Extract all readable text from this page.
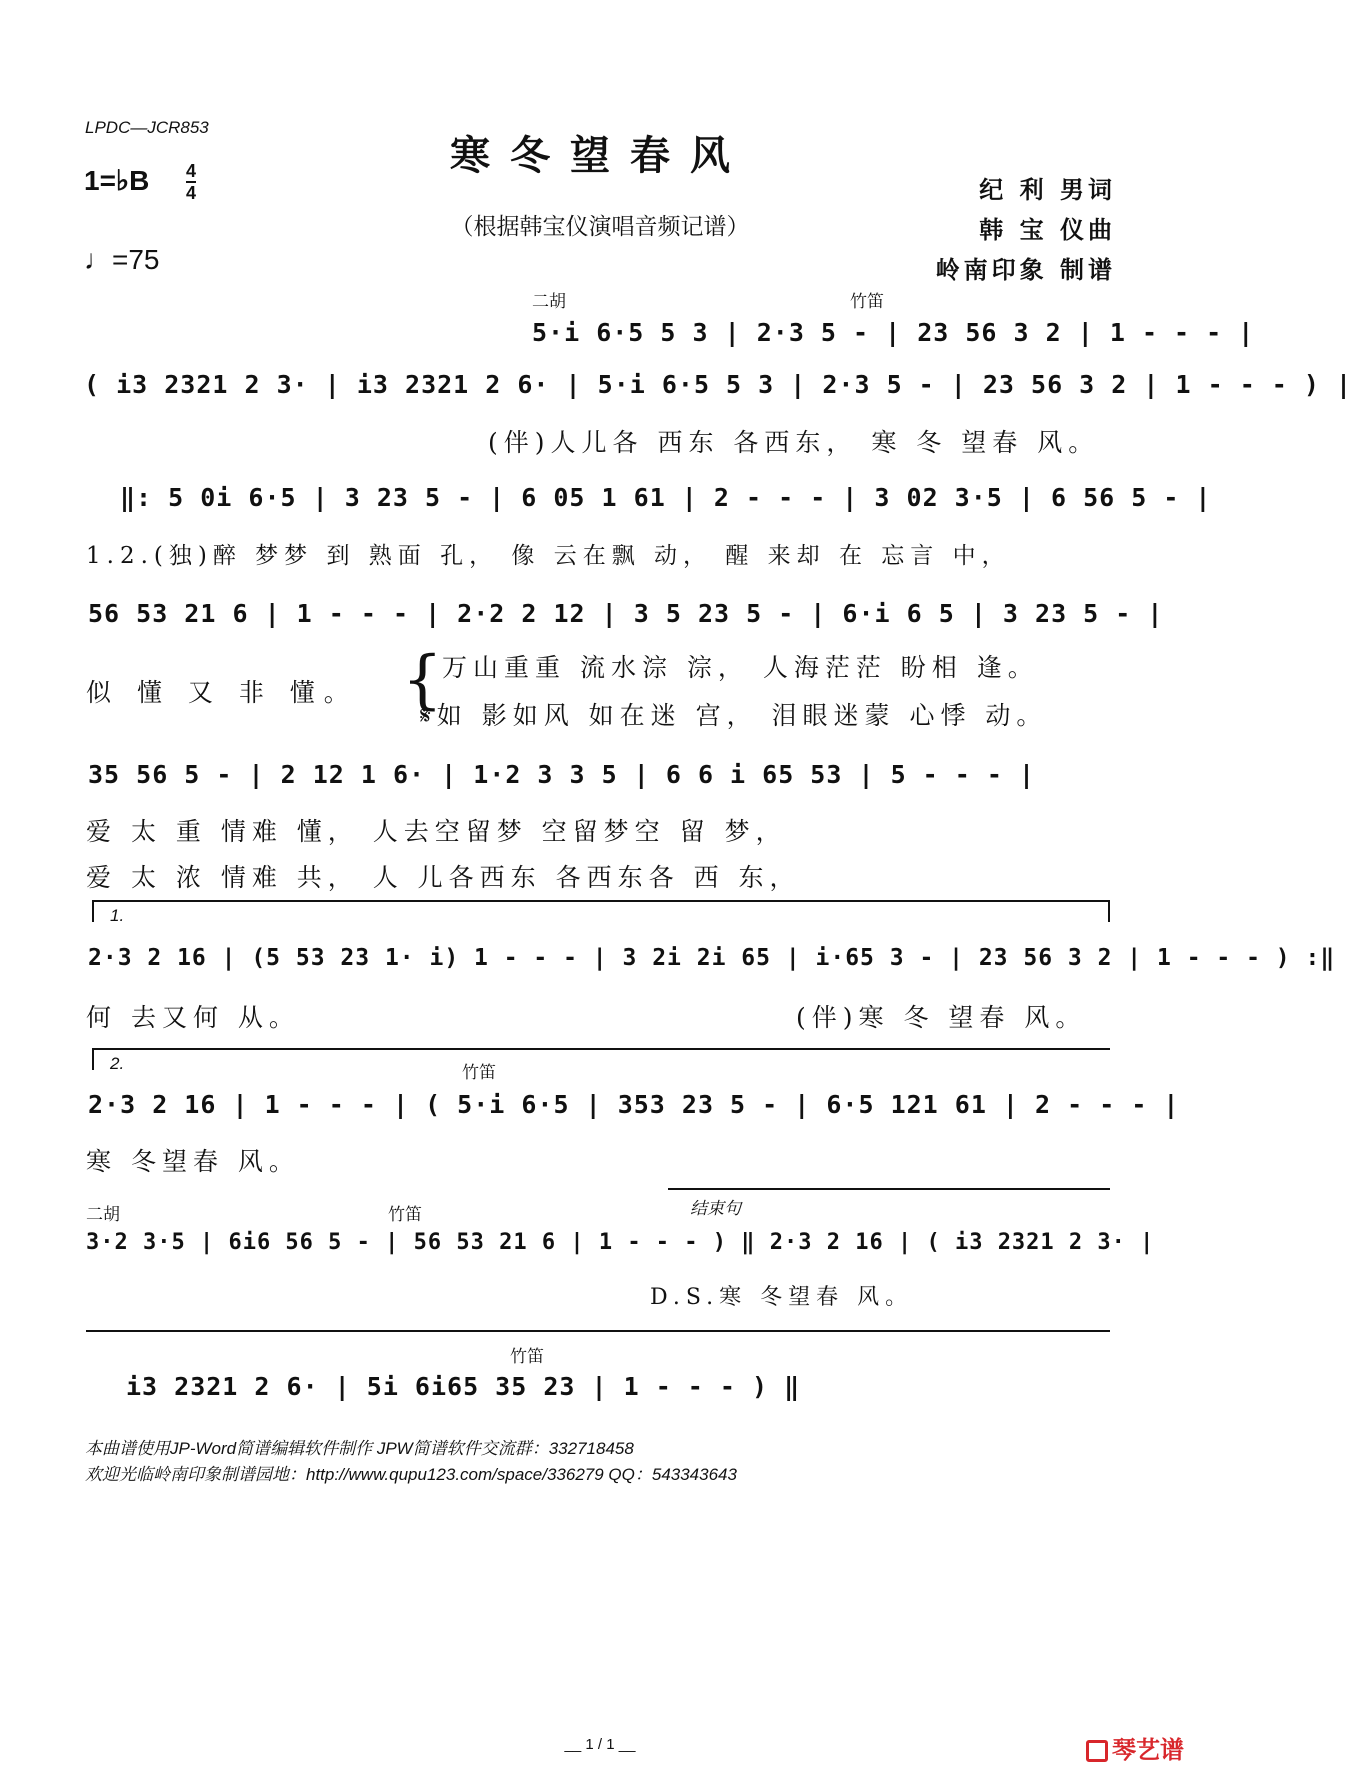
LPDC—JCR853
寒冬望春风
（根据韩宝仪演唱音频记谱）
1=♭B 4
4
♩=75
纪 利 男词
韩 宝 仪曲
岭南印象 制谱
二胡	竹笛
5·i 6·5 5 3 | 2·3 5 - | 23 56 3 2 | 1 - - - |
( i3 2321 2 3· | i3 2321 2 6· | 5·i 6·5 5 3 | 2·3 5 - | 23 56 3 2 | 1 - - - ) |
(伴)人儿各 西东 各西东， 寒 冬 望春 风。
‖: 5 0i 6·5 | 3 23 5 - | 6 05 1 61 | 2 - - - | 3 02 3·5 | 6 56 5 - |
1.2.(独)醉 梦梦 到 熟面 孔， 像 云在飘 动， 醒 来却 在 忘言 中，
56 53 21 6 | 1 - - - | 2·2 2 12 | 3 5 23 5 - | 6·i 6 5 | 3 23 5 - |
似 懂 又 非 懂。 { 万山重重 流水淙 淙， 人海茫茫 盼相 逢。
𝄋如 影如风 如在迷 宫， 泪眼迷蒙 心悸 动。
35 56 5 - | 2 12 1 6· | 1·2 3 3 5 | 6 6 i 65 53 | 5 - - - |
爱 太 重 情难 懂， 人去空留梦 空留梦空 留 梦，
爱 太 浓 情难 共， 人 儿各西东 各西东各 西 东，
1.
2·3 2 16 | (5 53 23 1· i) 1 - - - | 3 2i 2i 65 | i·65 3 - | 23 56 3 2 | 1 - - - ) :‖
何 去又何 从。	(伴)寒 冬 望春 风。
2.	竹笛
2·3 2 16 | 1 - - - | ( 5·i 6·5 | 353 23 5 - | 6·5 121 61 | 2 - - - |
寒 冬望春 风。
二胡	竹笛	结束句
3·2 3·5 | 6i6 56 5 - | 56 53 21 6 | 1 - - - ) ‖ 2·3 2 16 | ( i3 2321 2 3· |
D.S.寒 冬望春 风。
竹笛
i3 2321 2 6· | 5i 6i65 35 23 | 1 - - - ) ‖
本曲谱使用JP-Word简谱编辑软件制作 JPW简谱软件交流群：332718458
欢迎光临岭南印象制谱园地：http://www.qupu123.com/space/336279 QQ：543343643
__ 1 / 1 __	琴艺谱
